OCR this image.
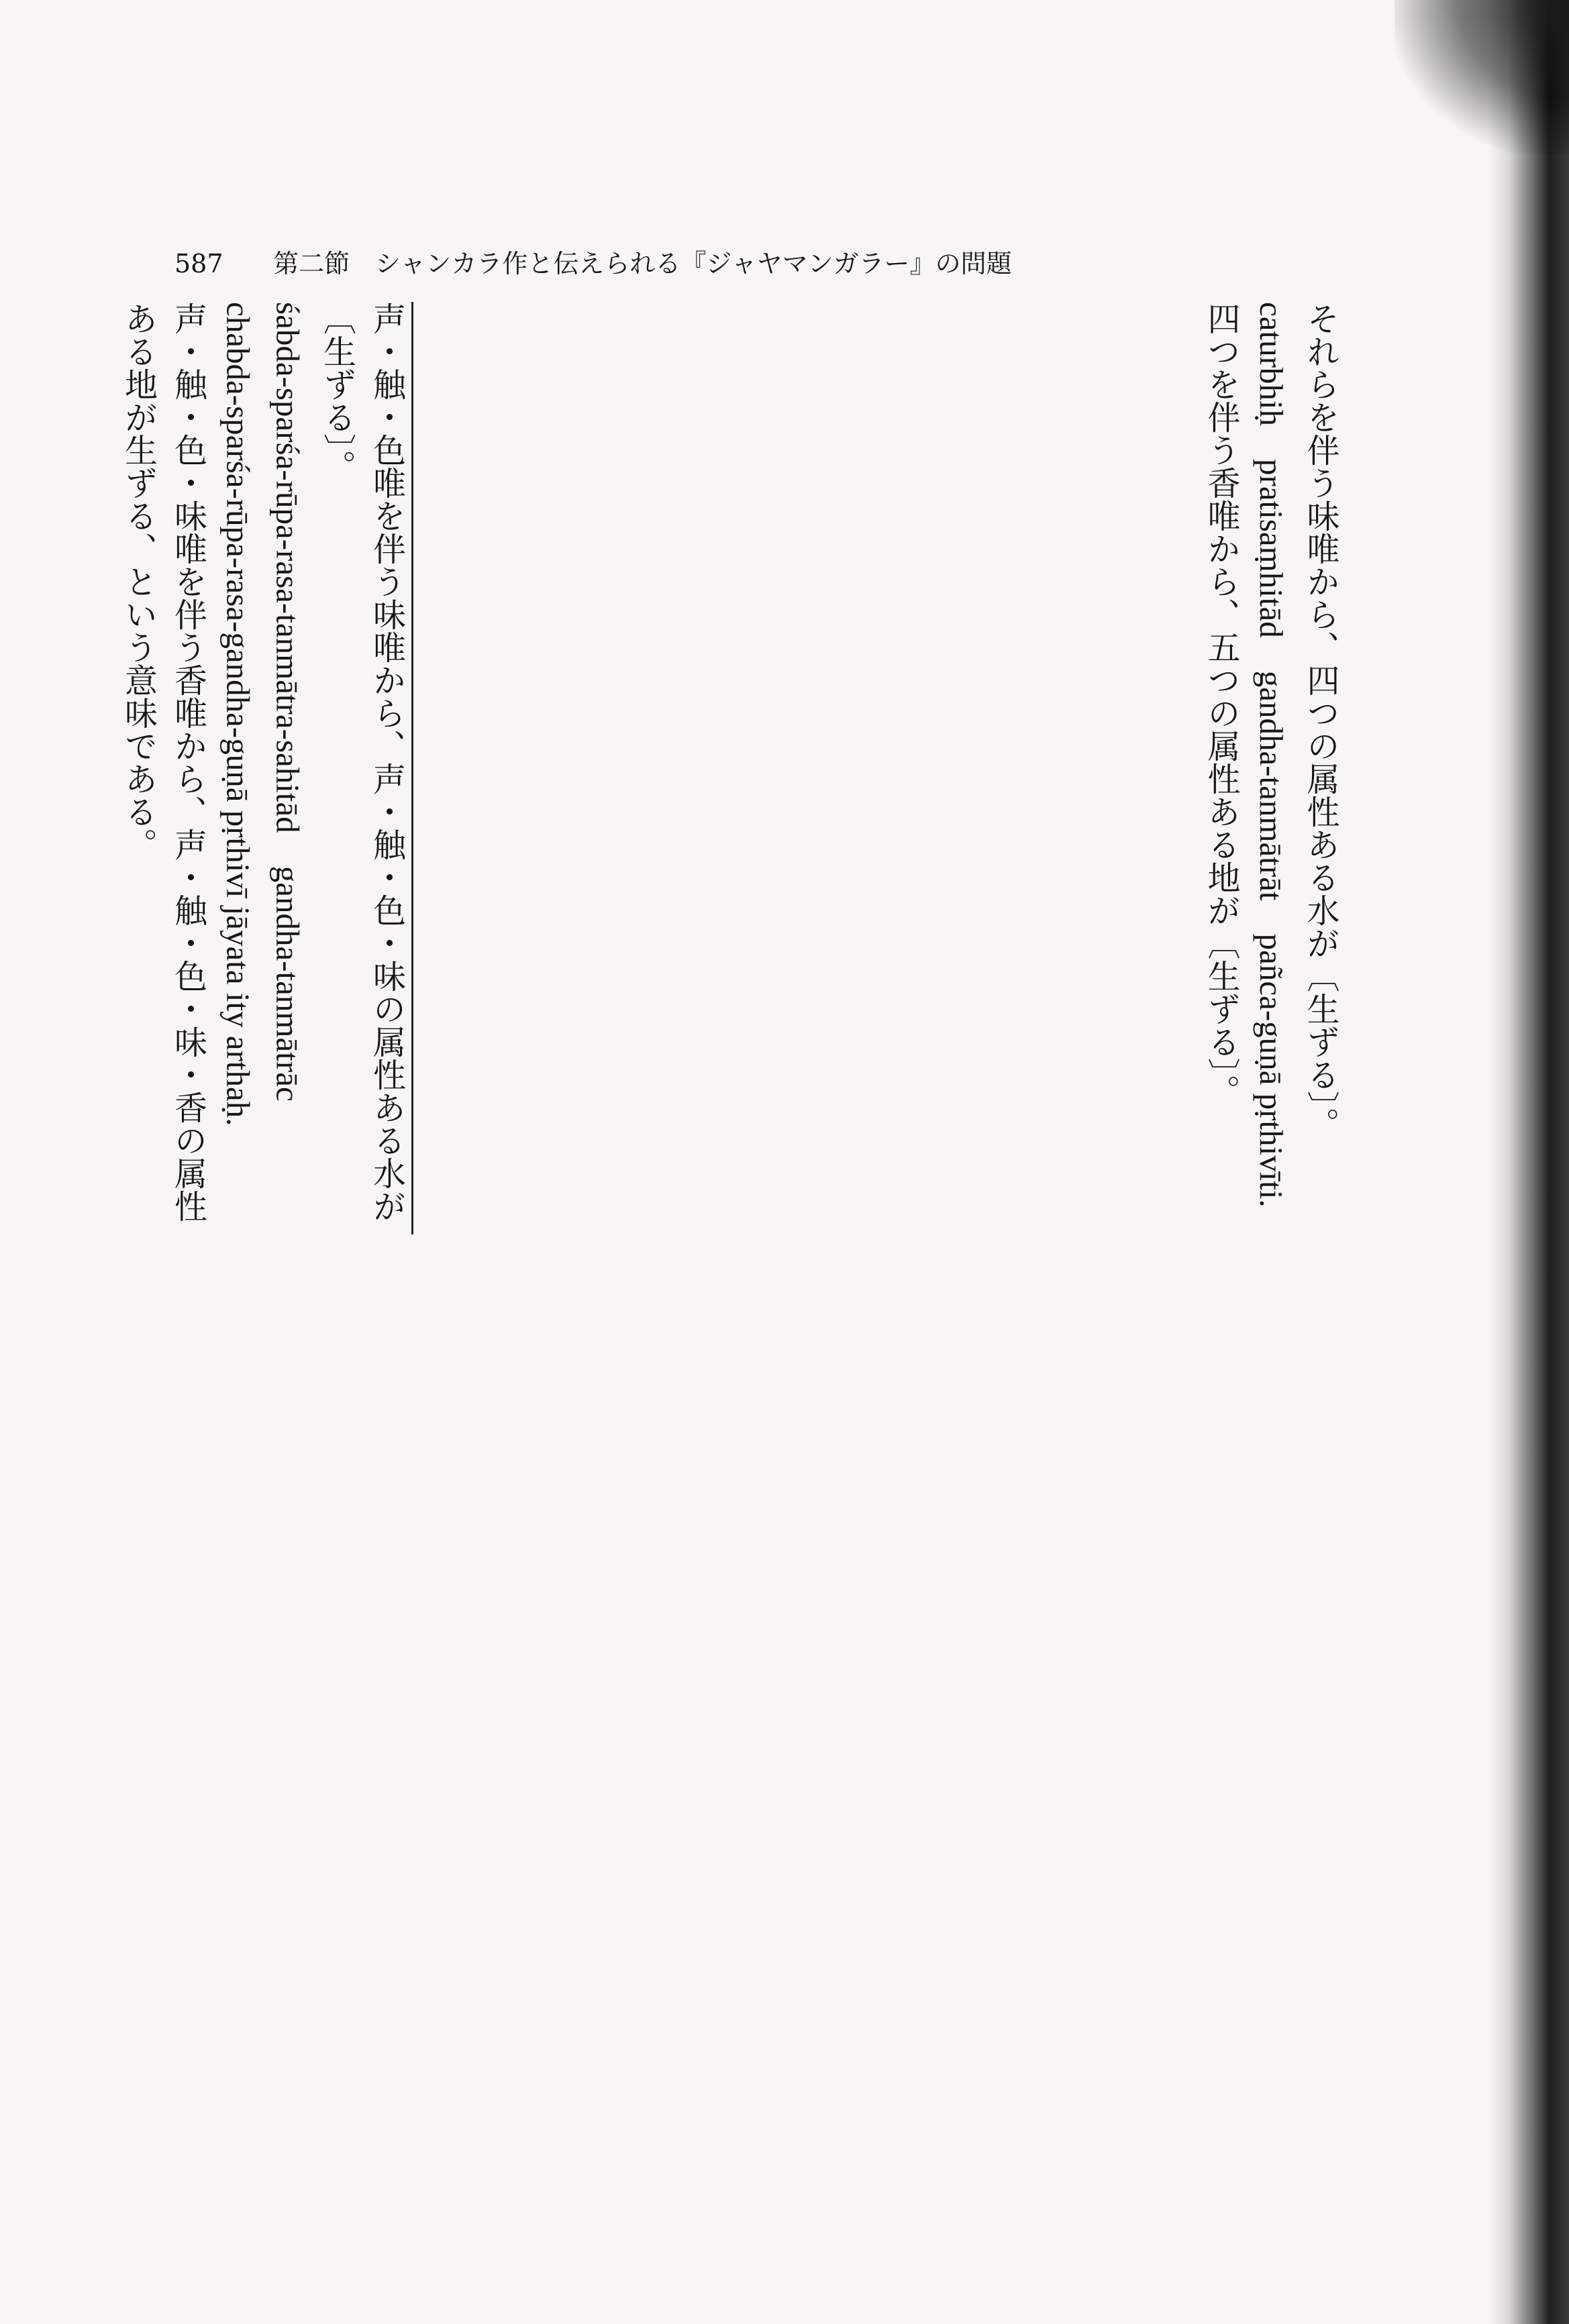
587 第二節　シャンカラ作と伝えられる『ジャヤマンガラー』の問題

声・触・色唯を伴う味唯から、声・触・色・味の属性ある水が〔生ずる〕。

śabda-sparśa-rūpa-rasa-tanmātra-sahitād　gandha-tanmātrāc

chabda-sparśa-rūpa-rasa-gandha-guṇā pṛthivī jāyata ity arthaḥ.

声・触・色・味唯を伴う香唯から、声・触・色・味・香の属性ある地が生ずる、という意味である。	それらを伴う味唯から、四つの属性ある水が〔生ずる〕。

caturbhiḥ　pratisaṃhitād　gandha-tanmātrāt　pañca-guṇā pṛthivīti.

四つを伴う香唯から、五つの属性ある地が〔生ずる〕。
